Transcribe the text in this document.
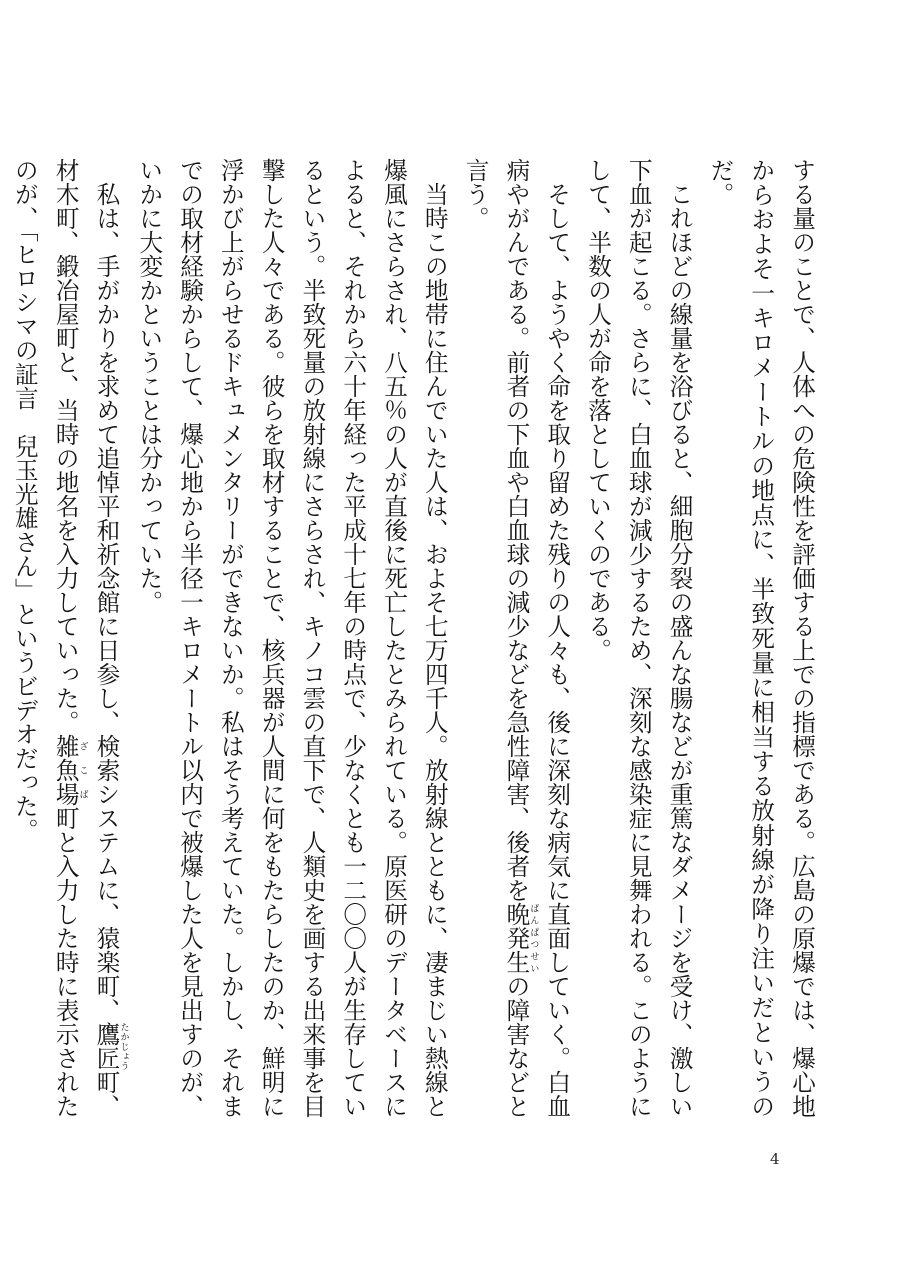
する量のことで、人体への危険性を評価する上での指標である。広島の原爆では、爆心地からおよそ一キロメートルの地点に、半致死量に相当する放射線が降り注いだというのだ。

これほどの線量を浴びると、細胞分裂の盛んな腸などが重篤なダメージを受け、激しい下血が起こる。さらに、白血球が減少するため、深刻な感染症に見舞われる。このようにして、半数の人が命を落としていくのである。

そして、ようやく命を取り留めた残りの人々も、後に深刻な病気に直面していく。白血病やがんである。前者の下血や白血球の減少などを急性障害、後者を晩発生ばんぱつせいの障害などと言う。

当時この地帯に住んでいた人は、およそ七万四千人。放射線とともに、凄まじい熱線と爆風にさらされ、八五％の人が直後に死亡したとみられている。原医研のデータベースによると、それから六十年経った平成十七年の時点で、少なくとも一二〇〇人が生存しているという。半致死量の放射線にさらされ、キノコ雲の直下で、人類史を画する出来事を目撃した人々である。彼らを取材することで、核兵器が人間に何をもたらしたのか、鮮明に浮かび上がらせるドキュメンタリーができないか。私はそう考えていた。しかし、それまでの取材経験からして、爆心地から半径一キロメートル以内で被爆した人を見出すのが、いかに大変かということは分かっていた。

私は、手がかりを求めて追悼平和祈念館に日参し、検索システムに、猿楽町、鷹匠たかじょう町、材木町、鍛冶屋町と、当時の地名を入力していった。雑魚場ざこば町と入力した時に表示されたのが、「ヒロシマの証言　兒玉光雄さん」というビデオだった。

4
